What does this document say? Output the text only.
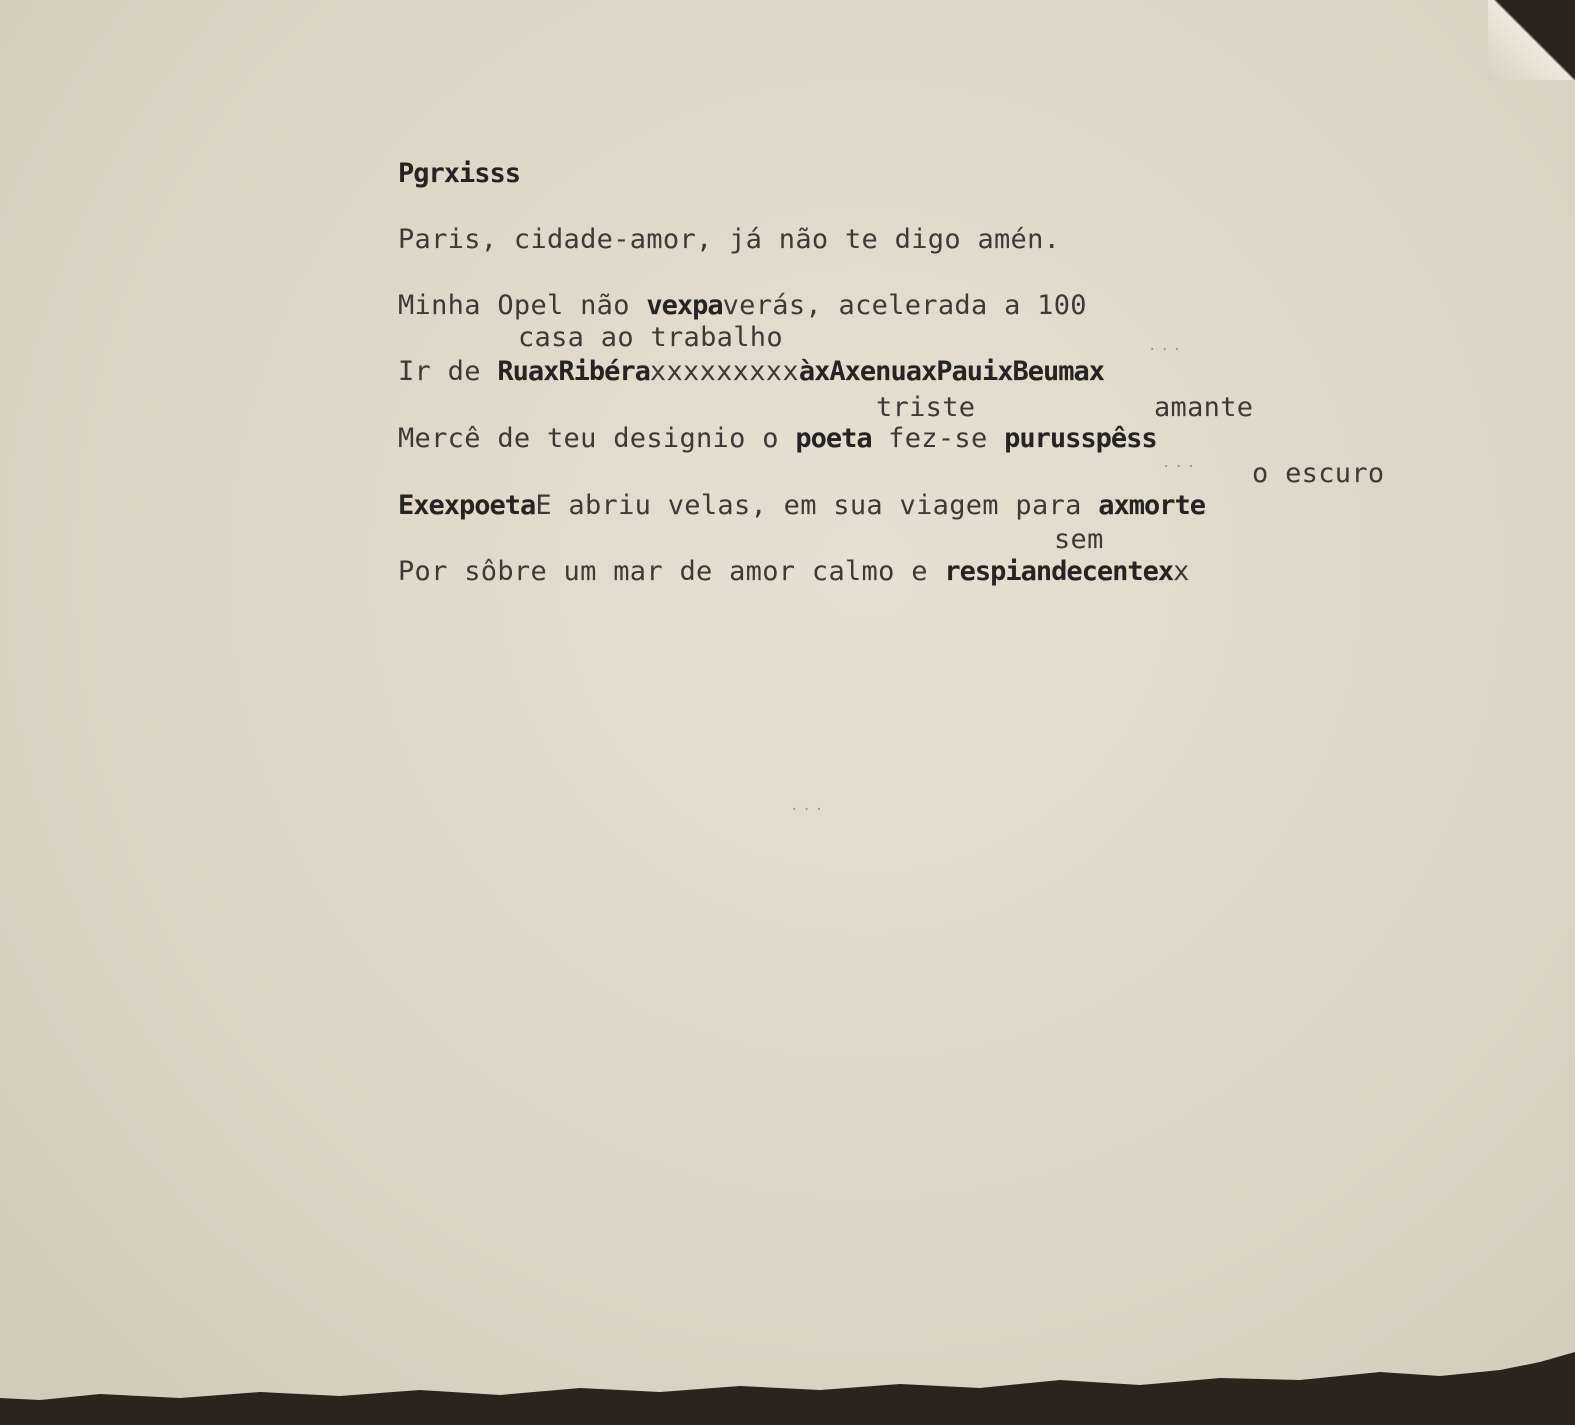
Pgrxisss
Paris, cidade-amor, já não te digo amén.
Minha Opel não vexpaverás, acelerada a 100
casa ao trabalho
Ir de RuaxRibéraxxxxxxxxxàxAxenuaxPauixBeumax
triste	amante
Mercê de teu designio o poeta fez-se purusspêss
o escuro
ExexpoetaE abriu velas, em sua viagem para axmorte
sem
Por sôbre um mar de amor calmo e respiandecentexx
...
...
...
